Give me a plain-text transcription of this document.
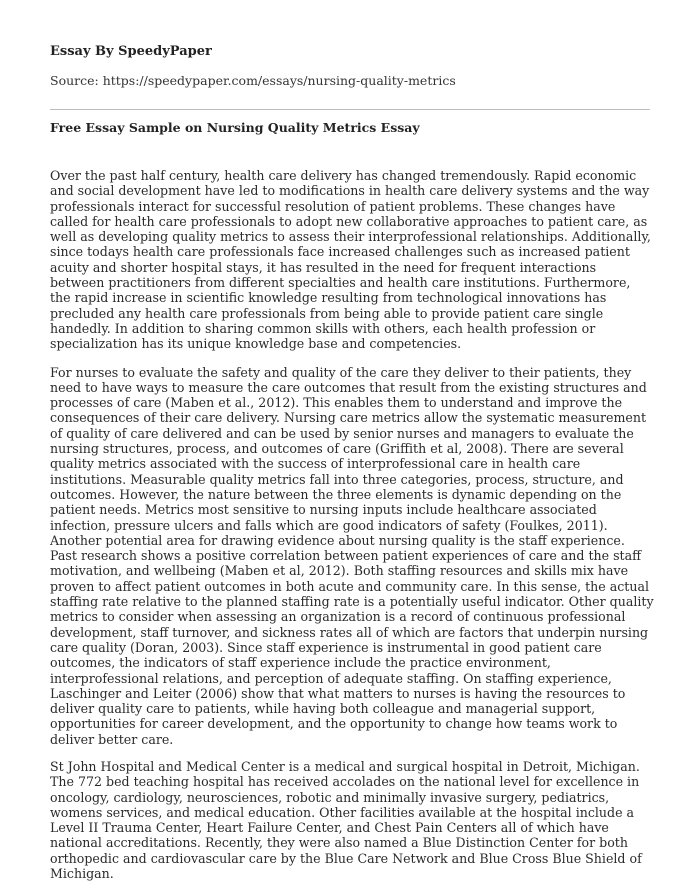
Essay By SpeedyPaper
Source: https://speedypaper.com/essays/nursing-quality-metrics
Free Essay Sample on Nursing Quality Metrics Essay

Over the past half century, health care delivery has changed tremendously. Rapid economic and social development have led to modifications in health care delivery systems and the way professionals interact for successful resolution of patient problems. These changes have called for health care professionals to adopt new collaborative approaches to patient care, as well as developing quality metrics to assess their interprofessional relationships. Additionally, since todays health care professionals face increased challenges such as increased patient acuity and shorter hospital stays, it has resulted in the need for frequent interactions between practitioners from different specialties and health care institutions. Furthermore, the rapid increase in scientific knowledge resulting from technological innovations has precluded any health care professionals from being able to provide patient care single handedly. In addition to sharing common skills with others, each health profession or specialization has its unique knowledge base and competencies.

For nurses to evaluate the safety and quality of the care they deliver to their patients, they need to have ways to measure the care outcomes that result from the existing structures and processes of care (Maben et al., 2012). This enables them to understand and improve the consequences of their care delivery. Nursing care metrics allow the systematic measurement of quality of care delivered and can be used by senior nurses and managers to evaluate the nursing structures, process, and outcomes of care (Griffith et al, 2008). There are several quality metrics associated with the success of interprofessional care in health care institutions. Measurable quality metrics fall into three categories, process, structure, and outcomes. However, the nature between the three elements is dynamic depending on the patient needs. Metrics most sensitive to nursing inputs include healthcare associated infection, pressure ulcers and falls which are good indicators of safety (Foulkes, 2011). Another potential area for drawing evidence about nursing quality is the staff experience. Past research shows a positive correlation between patient experiences of care and the staff motivation, and wellbeing (Maben et al, 2012). Both staffing resources and skills mix have proven to affect patient outcomes in both acute and community care. In this sense, the actual staffing rate relative to the planned staffing rate is a potentially useful indicator. Other quality metrics to consider when assessing an organization is a record of continuous professional development, staff turnover, and sickness rates all of which are factors that underpin nursing care quality (Doran, 2003). Since staff experience is instrumental in good patient care outcomes, the indicators of staff experience include the practice environment, interprofessional relations, and perception of adequate staffing. On staffing experience, Laschinger and Leiter (2006) show that what matters to nurses is having the resources to deliver quality care to patients, while having both colleague and managerial support, opportunities for career development, and the opportunity to change how teams work to deliver better care.

St John Hospital and Medical Center is a medical and surgical hospital in Detroit, Michigan. The 772 bed teaching hospital has received accolades on the national level for excellence in oncology, cardiology, neurosciences, robotic and minimally invasive surgery, pediatrics, womens services, and medical education. Other facilities available at the hospital include a Level II Trauma Center, Heart Failure Center, and Chest Pain Centers all of which have national accreditations. Recently, they were also named a Blue Distinction Center for both orthopedic and cardiovascular care by the Blue Care Network and Blue Cross Blue Shield of Michigan.
